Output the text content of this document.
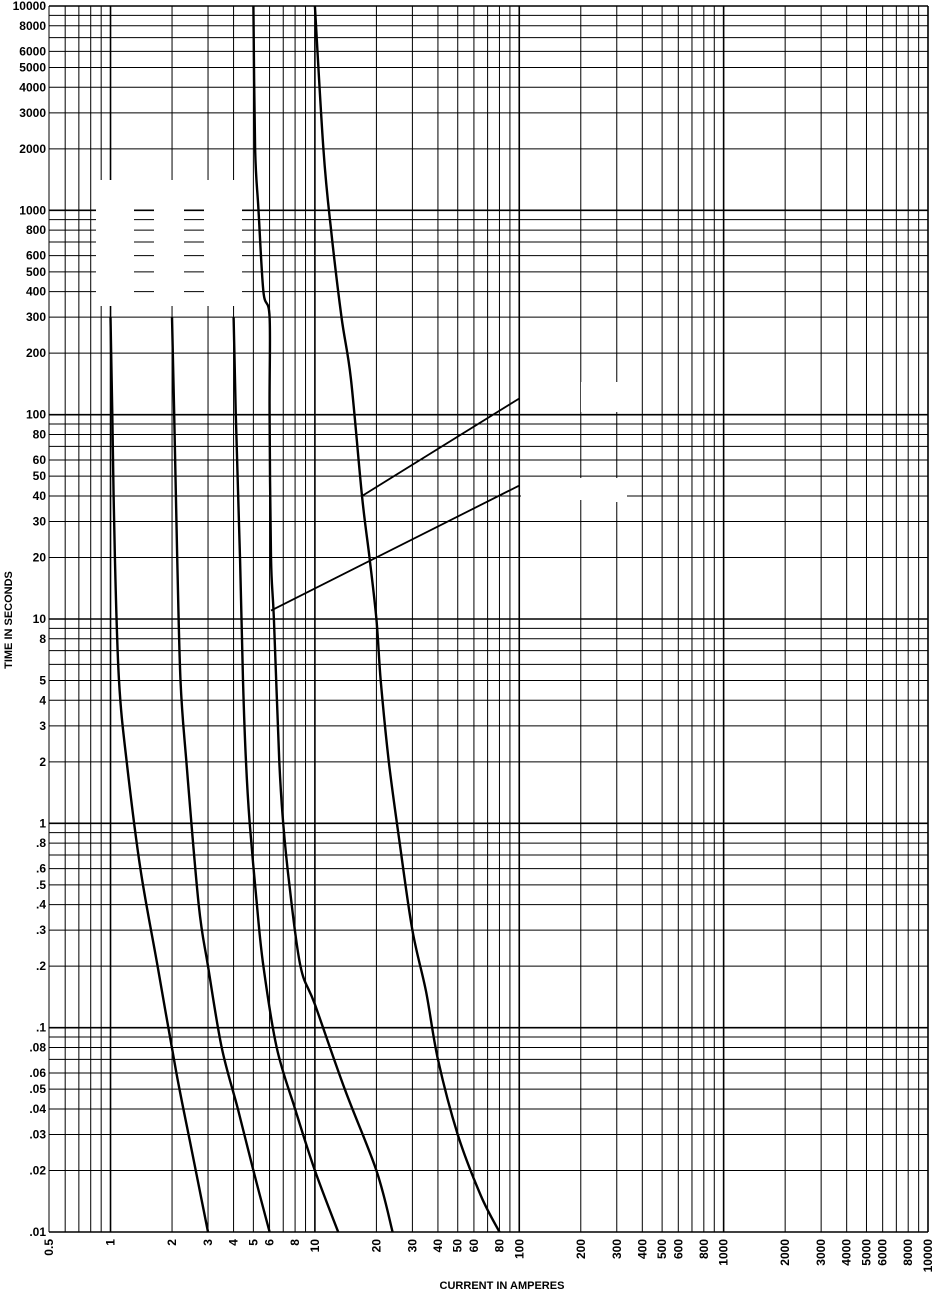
0.5	1	2 3 4 5 6 8 10	20 30 40 50 60 80 100	200 300 400 500 600 800 1000	2000 3000 4000 5000 6000 8000 10000
10000
8000
6000
5000
4000
3000
2000
1000
800
600
500
400
300
200
100
80
60
50
40
30
20
10
8
5
4
3
2
1
.8
.6
.5
.4
.3
.2
.1
.08
.06
.05
.04
.03
.02
.01
CURRENT IN AMPERES
TIME IN SECONDS
